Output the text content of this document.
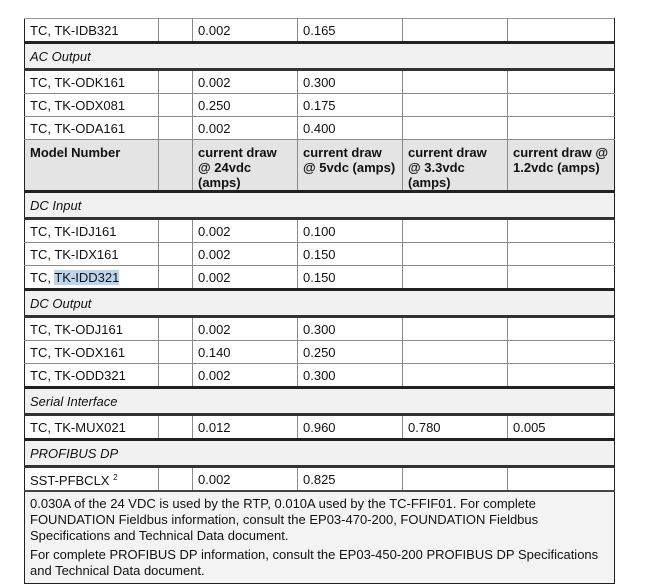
TC, TK-IDB321		0.002	0.165		
AC Output					
TC, TK-ODK161		0.002	0.300		
TC, TK-ODX081		0.250	0.175		
TC, TK-ODA161		0.002	0.400		
Model Number		current draw @ 24vdc (amps)	current draw @ 5vdc (amps)	current draw @ 3.3vdc (amps)	current draw @ 1.2vdc (amps)
DC Input					
TC, TK-IDJ161		0.002	0.100		
TC, TK-IDX161		0.002	0.150		
TC, TK-IDD321		0.002	0.150		
DC Output					
TC, TK-ODJ161		0.002	0.300		
TC, TK-ODX161		0.140	0.250		
TC, TK-ODD321		0.002	0.300		
Serial Interface					
TC, TK-MUX021		0.012	0.960	0.780	0.005
PROFIBUS DP					
SST-PFBCLX $^2$		0.002	0.825		

0.030A of the 24 VDC is used by the RTP, 0.010A used by the TC-FFIF01. For complete FOUNDATION Fieldbus information, consult the EP03-470-200, FOUNDATION Fieldbus Specifications and Technical Data document.

For complete PROFIBUS DP information, consult the EP03-450-200 PROFIBUS DP Specifications and Technical Data document.					
